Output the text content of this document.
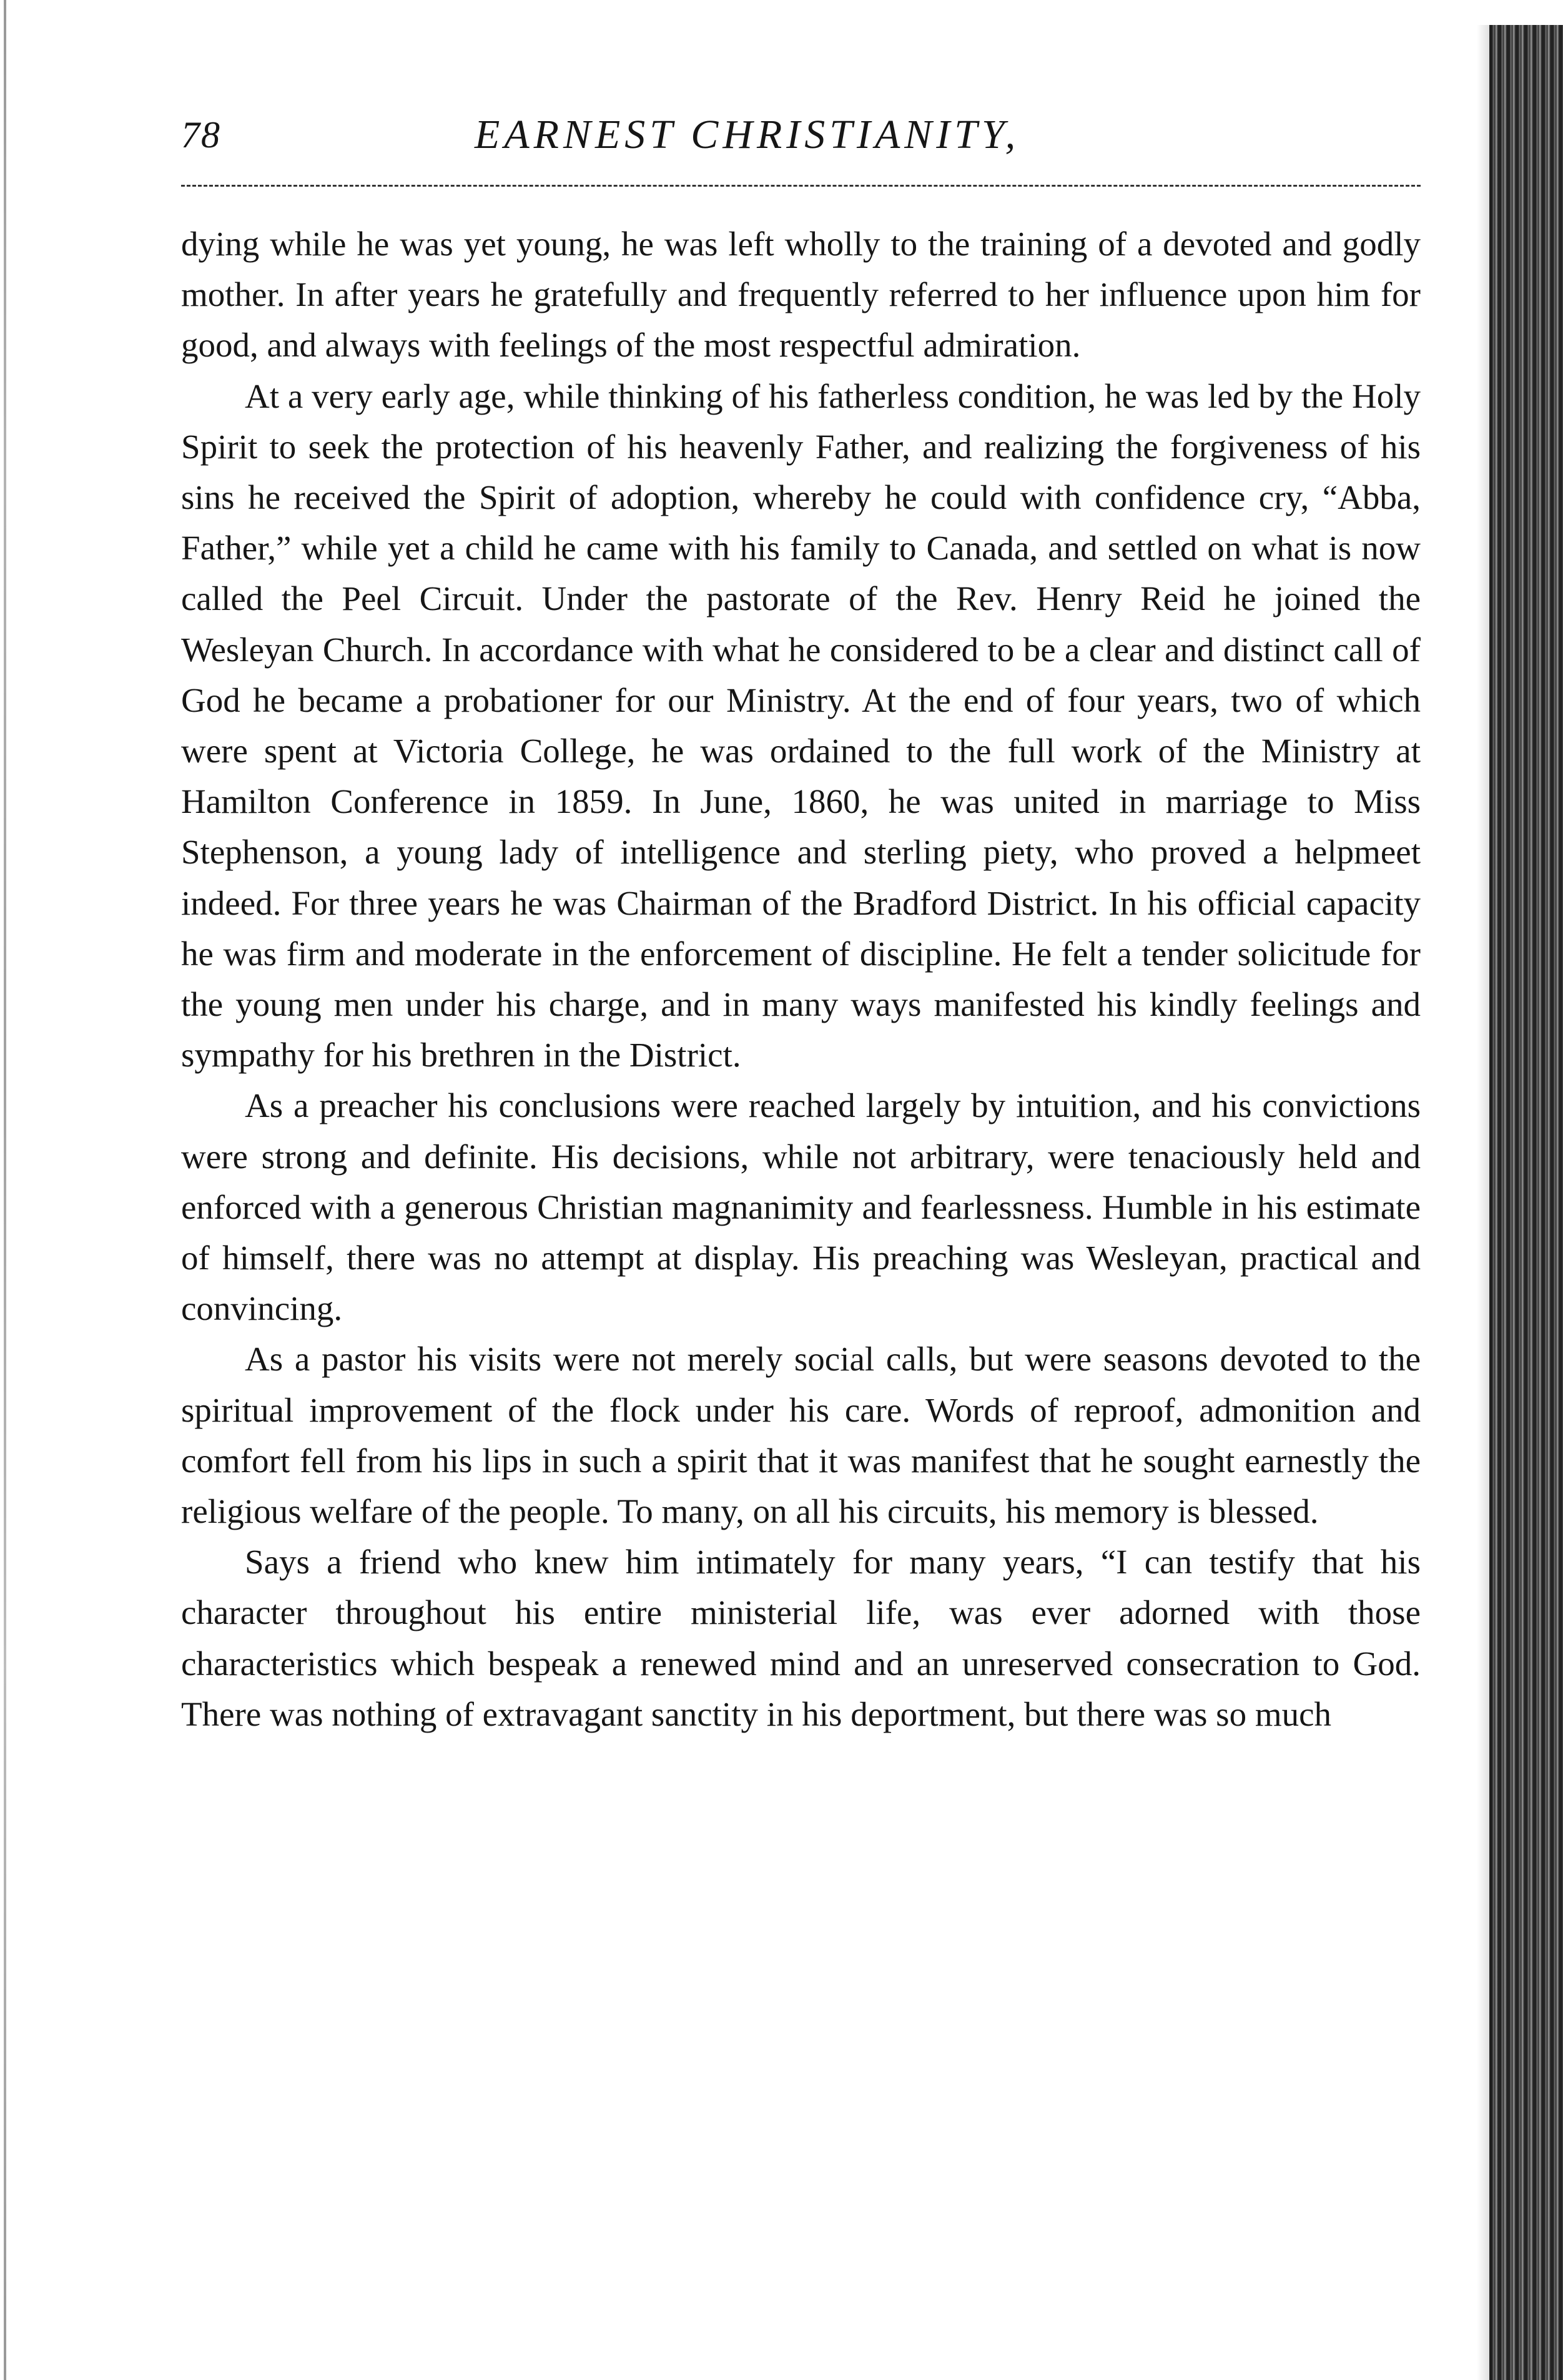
78	EARNEST CHRISTIANITY,

dying while he was yet young, he was left wholly to the training of a devoted and godly mother. In after years he gratefully and frequently referred to her influence upon him for good, and always with feelings of the most respectful admiration.

At a very early age, while thinking of his fatherless condition, he was led by the Holy Spirit to seek the protection of his heavenly Father, and realizing the forgiveness of his sins he received the Spirit of adoption, whereby he could with confidence cry, “Abba, Father,” while yet a child he came with his family to Canada, and settled on what is now called the Peel Circuit. Under the pastorate of the Rev. Henry Reid he joined the Wesleyan Church. In accordance with what he considered to be a clear and distinct call of God he became a probationer for our Ministry. At the end of four years, two of which were spent at Victoria College, he was ordained to the full work of the Ministry at Hamilton Conference in 1859. In June, 1860, he was united in marriage to Miss Stephenson, a young lady of intelligence and sterling piety, who proved a helpmeet indeed. For three years he was Chairman of the Bradford District. In his official capacity he was firm and moderate in the enforcement of discipline. He felt a tender solicitude for the young men under his charge, and in many ways manifested his kindly feelings and sympathy for his brethren in the District.

As a preacher his conclusions were reached largely by intuition, and his convictions were strong and definite. His decisions, while not arbitrary, were tenaciously held and enforced with a generous Christian magnanimity and fearlessness. Humble in his estimate of himself, there was no attempt at display. His preaching was Wesleyan, practical and convincing.

As a pastor his visits were not merely social calls, but were seasons devoted to the spiritual improvement of the flock under his care. Words of reproof, admonition and comfort fell from his lips in such a spirit that it was manifest that he sought earnestly the religious welfare of the people. To many, on all his circuits, his memory is blessed.

Says a friend who knew him intimately for many years, “I can testify that his character throughout his entire ministerial life, was ever adorned with those characteristics which bespeak a renewed mind and an unreserved consecration to God. There was nothing of extravagant sanctity in his deportment, but there was so much
